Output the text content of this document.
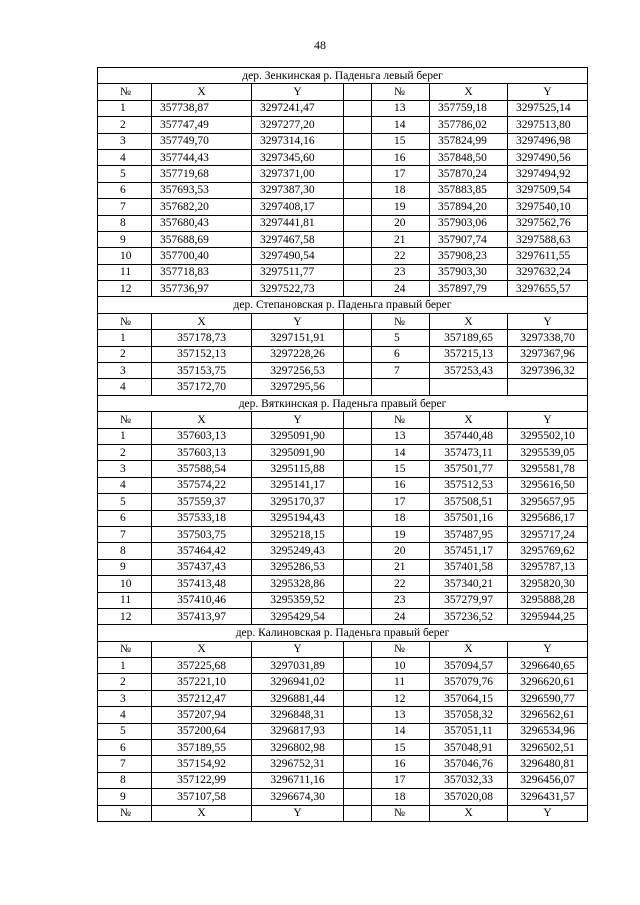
48
дер. Зенкинская р. Паденьга левый берег						
№	X	Y		№	X	Y
1	357738,87	3297241,47		13	357759,18	3297525,14
2	357747,49	3297277,20		14	357786,02	3297513,80
3	357749,70	3297314,16		15	357824,99	3297496,98
4	357744,43	3297345,60		16	357848,50	3297490,56
5	357719,68	3297371,00		17	357870,24	3297494,92
6	357693,53	3297387,30		18	357883,85	3297509,54
7	357682,20	3297408,17		19	357894,20	3297540,10
8	357680,43	3297441,81		20	357903,06	3297562,76
9	357688,69	3297467,58		21	357907,74	3297588,63
10	357700,40	3297490,54		22	357908,23	3297611,55
11	357718,83	3297511,77		23	357903,30	3297632,24
12	357736,97	3297522,73		24	357897,79	3297655,57
дер. Степановская р. Паденьга правый берег						
№	X	Y		№	X	Y
1	357178,73	3297151,91		5	357189,65	3297338,70
2	357152,13	3297228,26		6	357215,13	3297367,96
3	357153,75	3297256,53		7	357253,43	3297396,32
4	357172,70	3297295,56				
дер. Вяткинская р. Паденьга правый берег						
№	X	Y		№	X	Y
1	357603,13	3295091,90		13	357440,48	3295502,10
2	357603,13	3295091,90		14	357473,11	3295539,05
3	357588,54	3295115,88		15	357501,77	3295581,78
4	357574,22	3295141,17		16	357512,53	3295616,50
5	357559,37	3295170,37		17	357508,51	3295657,95
6	357533,18	3295194,43		18	357501,16	3295686,17
7	357503,75	3295218,15		19	357487,95	3295717,24
8	357464,42	3295249,43		20	357451,17	3295769,62
9	357437,43	3295286,53		21	357401,58	3295787,13
10	357413,48	3295328,86		22	357340,21	3295820,30
11	357410,46	3295359,52		23	357279,97	3295888,28
12	357413,97	3295429,54		24	357236,52	3295944,25
дер. Калиновская р. Паденьга правый берег						
№	X	Y		№	X	Y
1	357225,68	3297031,89		10	357094,57	3296640,65
2	357221,10	3296941,02		11	357079,76	3296620,61
3	357212,47	3296881,44		12	357064,15	3296590,77
4	357207,94	3296848,31		13	357058,32	3296562,61
5	357200,64	3296817,93		14	357051,11	3296534,96
6	357189,55	3296802,98		15	357048,91	3296502,51
7	357154,92	3296752,31		16	357046,76	3296480,81
8	357122,99	3296711,16		17	357032,33	3296456,07
9	357107,58	3296674,30		18	357020,08	3296431,57
№	X	Y		№	X	Y
